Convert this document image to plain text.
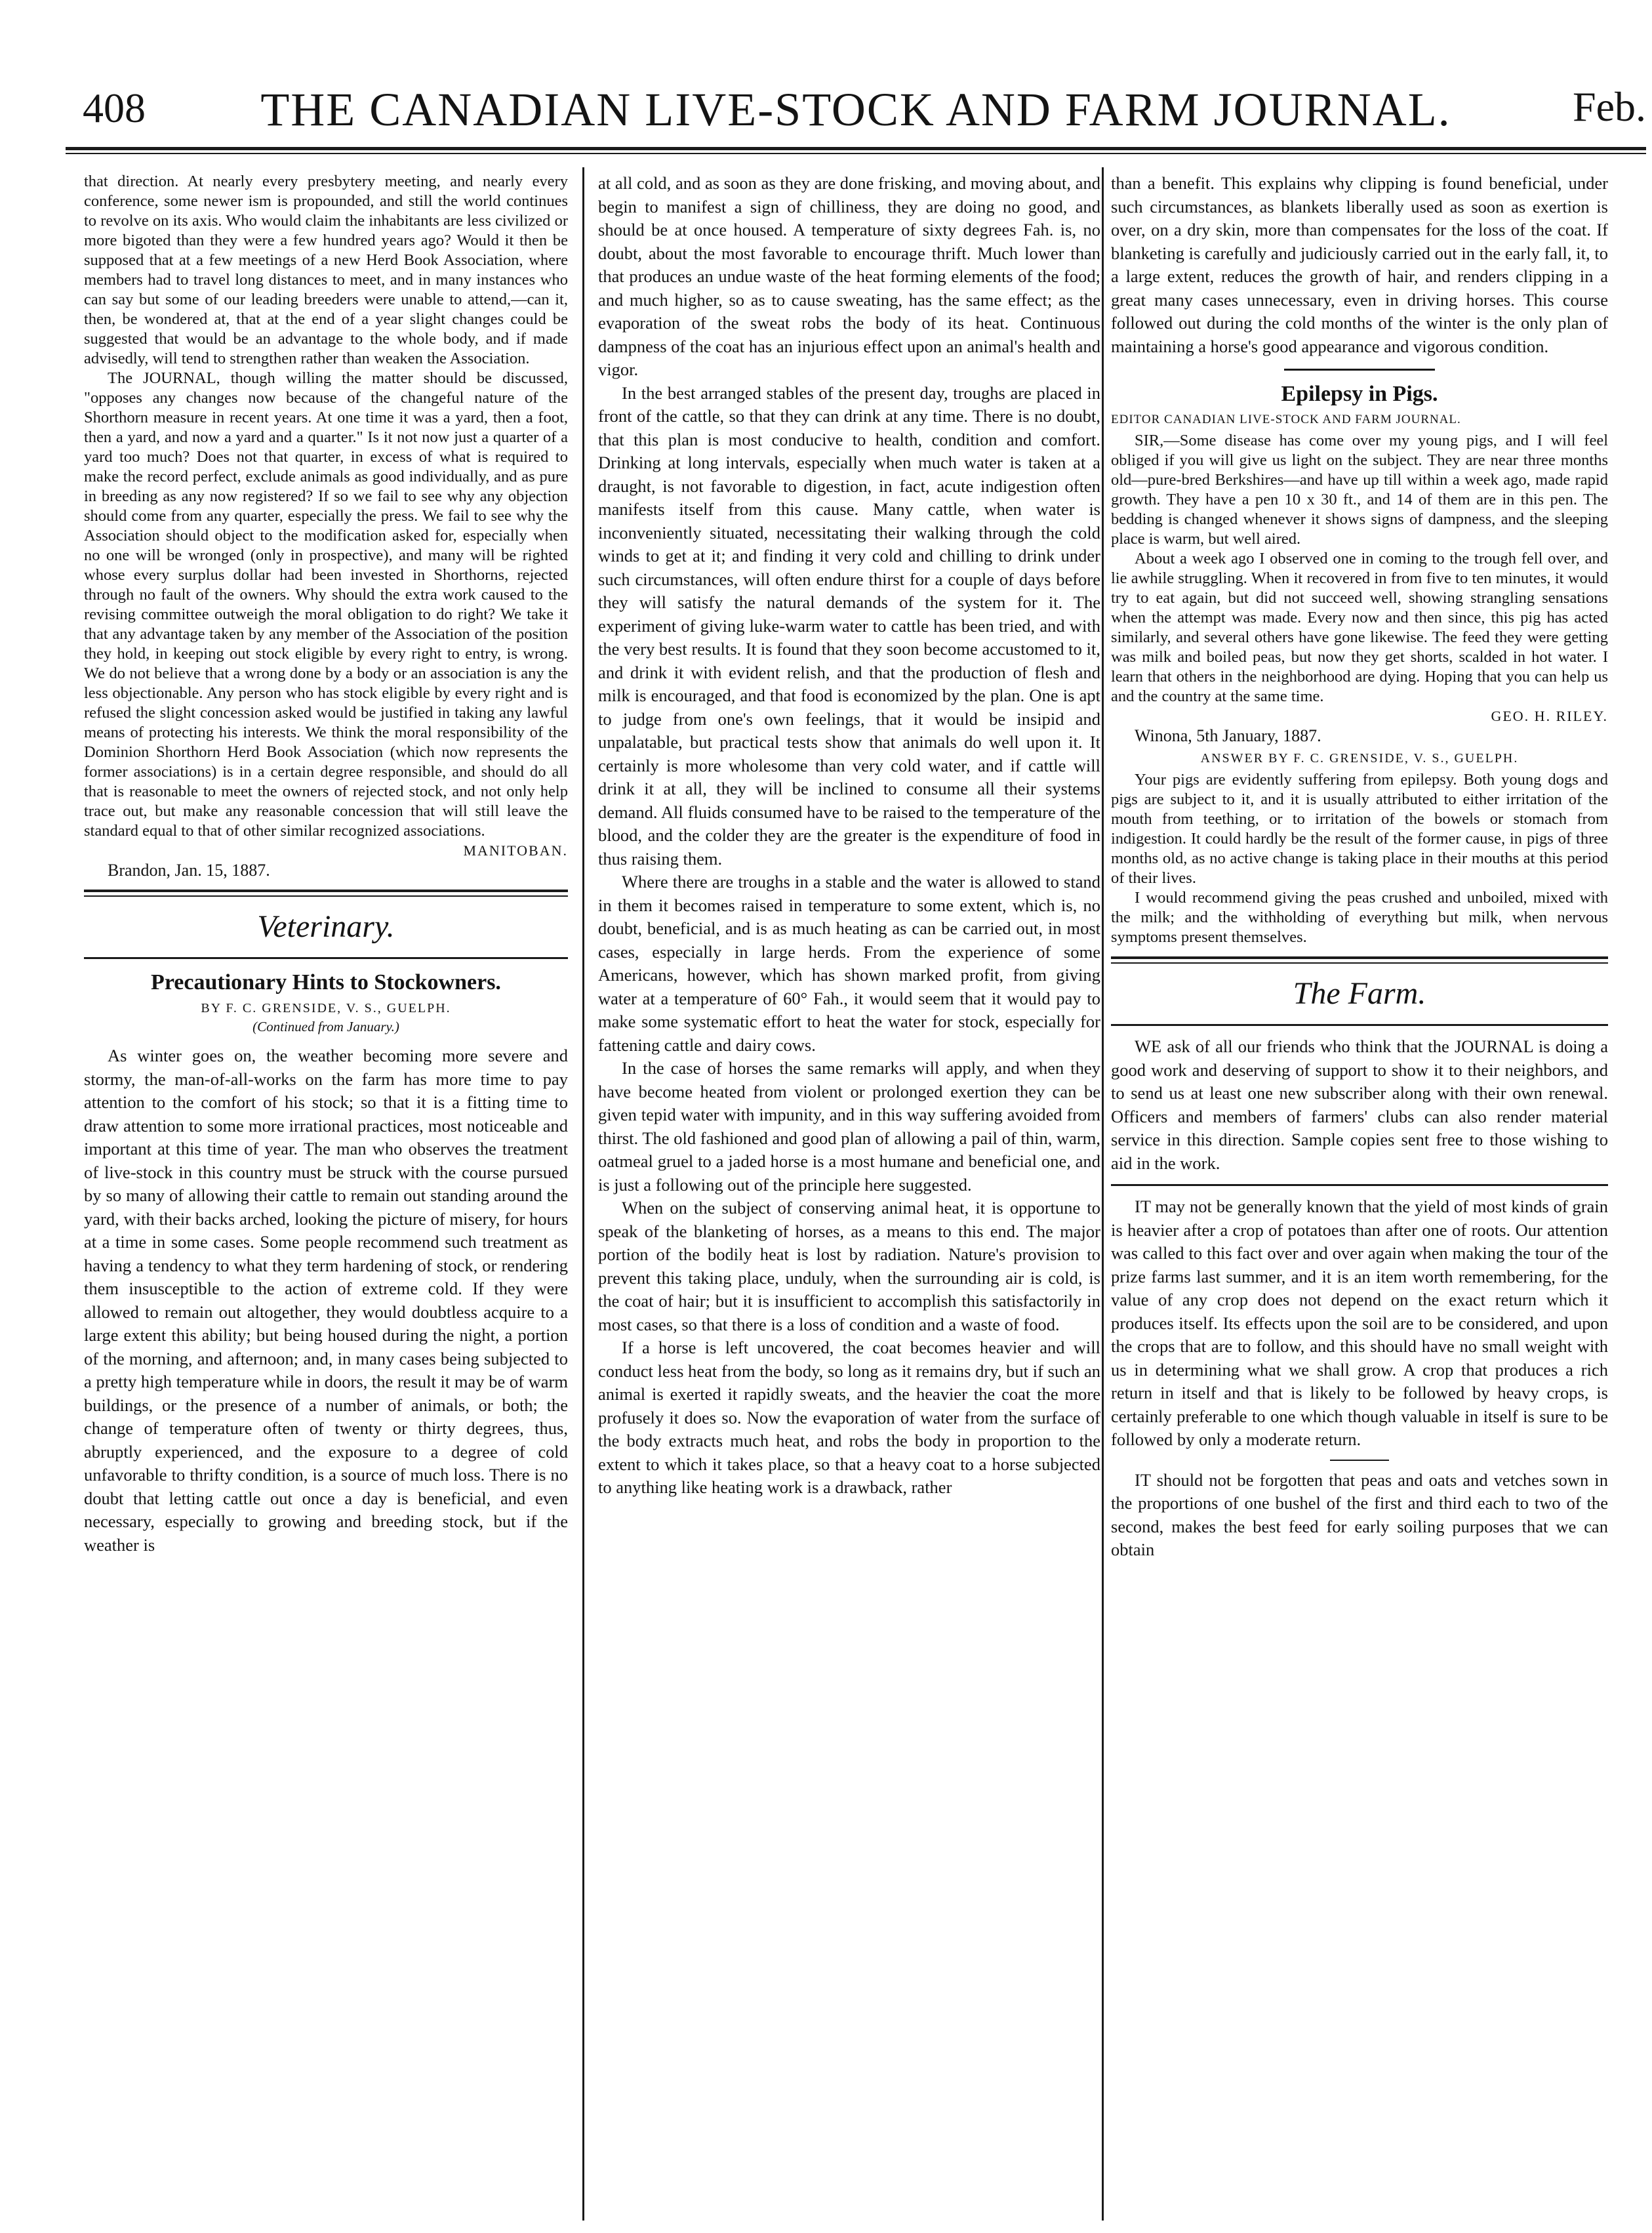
408	THE CANADIAN LIVE-STOCK AND FARM JOURNAL.	Feb.

that direction. At nearly every presbytery meeting, and nearly every conference, some newer ism is propounded, and still the world continues to revolve on its axis. Who would claim the inhabitants are less civilized or more bigoted than they were a few hundred years ago? Would it then be supposed that at a few meetings of a new Herd Book Association, where members had to travel long distances to meet, and in many instances who can say but some of our leading breeders were unable to attend,—can it, then, be wondered at, that at the end of a year slight changes could be suggested that would be an advantage to the whole body, and if made advisedly, will tend to strengthen rather than weaken the Association.

The JOURNAL, though willing the matter should be discussed, "opposes any changes now because of the changeful nature of the Shorthorn measure in recent years. At one time it was a yard, then a foot, then a yard, and now a yard and a quarter." Is it not now just a quarter of a yard too much? Does not that quarter, in excess of what is required to make the record perfect, exclude animals as good individually, and as pure in breeding as any now registered? If so we fail to see why any objection should come from any quarter, especially the press. We fail to see why the Association should object to the modification asked for, especially when no one will be wronged (only in prospective), and many will be righted whose every surplus dollar had been invested in Shorthorns, rejected through no fault of the owners. Why should the extra work caused to the revising committee outweigh the moral obligation to do right? We take it that any advantage taken by any member of the Association of the position they hold, in keeping out stock eligible by every right to entry, is wrong. We do not believe that a wrong done by a body or an association is any the less objectionable. Any person who has stock eligible by every right and is refused the slight concession asked would be justified in taking any lawful means of protecting his interests. We think the moral responsibility of the Dominion Shorthorn Herd Book Association (which now represents the former associations) is in a certain degree responsible, and should do all that is reasonable to meet the owners of rejected stock, and not only help trace out, but make any reasonable concession that will still leave the standard equal to that of other similar recognized associations.

MANITOBAN.
Brandon, Jan. 15, 1887.
Veterinary.
Precautionary Hints to Stockowners.
BY F. C. GRENSIDE, V. S., GUELPH.
(Continued from January.)

As winter goes on, the weather becoming more severe and stormy, the man-of-all-works on the farm has more time to pay attention to the comfort of his stock; so that it is a fitting time to draw attention to some more irrational practices, most noticeable and important at this time of year. The man who observes the treatment of live-stock in this country must be struck with the course pursued by so many of allowing their cattle to remain out standing around the yard, with their backs arched, looking the picture of misery, for hours at a time in some cases. Some people recommend such treatment as having a tendency to what they term hardening of stock, or rendering them insusceptible to the action of extreme cold. If they were allowed to remain out altogether, they would doubtless acquire to a large extent this ability; but being housed during the night, a portion of the morning, and afternoon; and, in many cases being subjected to a pretty high temperature while in doors, the result it may be of warm buildings, or the presence of a number of animals, or both; the change of temperature often of twenty or thirty degrees, thus, abruptly experienced, and the exposure to a degree of cold unfavorable to thrifty condition, is a source of much loss. There is no doubt that letting cattle out once a day is beneficial, and even necessary, especially to growing and breeding stock, but if the weather is

at all cold, and as soon as they are done frisking, and moving about, and begin to manifest a sign of chilliness, they are doing no good, and should be at once housed. A temperature of sixty degrees Fah. is, no doubt, about the most favorable to encourage thrift. Much lower than that produces an undue waste of the heat forming elements of the food; and much higher, so as to cause sweating, has the same effect; as the evaporation of the sweat robs the body of its heat. Continuous dampness of the coat has an injurious effect upon an animal's health and vigor.

In the best arranged stables of the present day, troughs are placed in front of the cattle, so that they can drink at any time. There is no doubt, that this plan is most conducive to health, condition and comfort. Drinking at long intervals, especially when much water is taken at a draught, is not favorable to digestion, in fact, acute indigestion often manifests itself from this cause. Many cattle, when water is inconveniently situated, necessitating their walking through the cold winds to get at it; and finding it very cold and chilling to drink under such circumstances, will often endure thirst for a couple of days before they will satisfy the natural demands of the system for it. The experiment of giving luke-warm water to cattle has been tried, and with the very best results. It is found that they soon become accustomed to it, and drink it with evident relish, and that the production of flesh and milk is encouraged, and that food is economized by the plan. One is apt to judge from one's own feelings, that it would be insipid and unpalatable, but practical tests show that animals do well upon it. It certainly is more wholesome than very cold water, and if cattle will drink it at all, they will be inclined to consume all their systems demand. All fluids consumed have to be raised to the temperature of the blood, and the colder they are the greater is the expenditure of food in thus raising them.

Where there are troughs in a stable and the water is allowed to stand in them it becomes raised in temperature to some extent, which is, no doubt, beneficial, and is as much heating as can be carried out, in most cases, especially in large herds. From the experience of some Americans, however, which has shown marked profit, from giving water at a temperature of 60° Fah., it would seem that it would pay to make some systematic effort to heat the water for stock, especially for fattening cattle and dairy cows.

In the case of horses the same remarks will apply, and when they have become heated from violent or prolonged exertion they can be given tepid water with impunity, and in this way suffering avoided from thirst. The old fashioned and good plan of allowing a pail of thin, warm, oatmeal gruel to a jaded horse is a most humane and beneficial one, and is just a following out of the principle here suggested.

When on the subject of conserving animal heat, it is opportune to speak of the blanketing of horses, as a means to this end. The major portion of the bodily heat is lost by radiation. Nature's provision to prevent this taking place, unduly, when the surrounding air is cold, is the coat of hair; but it is insufficient to accomplish this satisfactorily in most cases, so that there is a loss of condition and a waste of food.

If a horse is left uncovered, the coat becomes heavier and will conduct less heat from the body, so long as it remains dry, but if such an animal is exerted it rapidly sweats, and the heavier the coat the more profusely it does so. Now the evaporation of water from the surface of the body extracts much heat, and robs the body in proportion to the extent to which it takes place, so that a heavy coat to a horse subjected to anything like heating work is a drawback, rather

than a benefit. This explains why clipping is found beneficial, under such circumstances, as blankets liberally used as soon as exertion is over, on a dry skin, more than compensates for the loss of the coat. If blanketing is carefully and judiciously carried out in the early fall, it, to a large extent, reduces the growth of hair, and renders clipping in a great many cases unnecessary, even in driving horses. This course followed out during the cold months of the winter is the only plan of maintaining a horse's good appearance and vigorous condition.

Epilepsy in Pigs.
EDITOR CANADIAN LIVE-STOCK AND FARM JOURNAL.

SIR,—Some disease has come over my young pigs, and I will feel obliged if you will give us light on the subject. They are near three months old—pure-bred Berkshires—and have up till within a week ago, made rapid growth. They have a pen 10 x 30 ft., and 14 of them are in this pen. The bedding is changed whenever it shows signs of dampness, and the sleeping place is warm, but well aired.

About a week ago I observed one in coming to the trough fell over, and lie awhile struggling. When it recovered in from five to ten minutes, it would try to eat again, but did not succeed well, showing strangling sensations when the attempt was made. Every now and then since, this pig has acted similarly, and several others have gone likewise. The feed they were getting was milk and boiled peas, but now they get shorts, scalded in hot water. I learn that others in the neighborhood are dying. Hoping that you can help us and the country at the same time.

GEO. H. RILEY.
Winona, 5th January, 1887.
ANSWER BY F. C. GRENSIDE, V. S., GUELPH.

Your pigs are evidently suffering from epilepsy. Both young dogs and pigs are subject to it, and it is usually attributed to either irritation of the mouth from teething, or to irritation of the bowels or stomach from indigestion. It could hardly be the result of the former cause, in pigs of three months old, as no active change is taking place in their mouths at this period of their lives.

I would recommend giving the peas crushed and unboiled, mixed with the milk; and the withholding of everything but milk, when nervous symptoms present themselves.

The Farm.

WE ask of all our friends who think that the JOURNAL is doing a good work and deserving of support to show it to their neighbors, and to send us at least one new subscriber along with their own renewal. Officers and members of farmers' clubs can also render material service in this direction. Sample copies sent free to those wishing to aid in the work.

IT may not be generally known that the yield of most kinds of grain is heavier after a crop of potatoes than after one of roots. Our attention was called to this fact over and over again when making the tour of the prize farms last summer, and it is an item worth remembering, for the value of any crop does not depend on the exact return which it produces itself. Its effects upon the soil are to be considered, and upon the crops that are to follow, and this should have no small weight with us in determining what we shall grow. A crop that produces a rich return in itself and that is likely to be followed by heavy crops, is certainly preferable to one which though valuable in itself is sure to be followed by only a moderate return.

IT should not be forgotten that peas and oats and vetches sown in the proportions of one bushel of the first and third each to two of the second, makes the best feed for early soiling purposes that we can obtain
